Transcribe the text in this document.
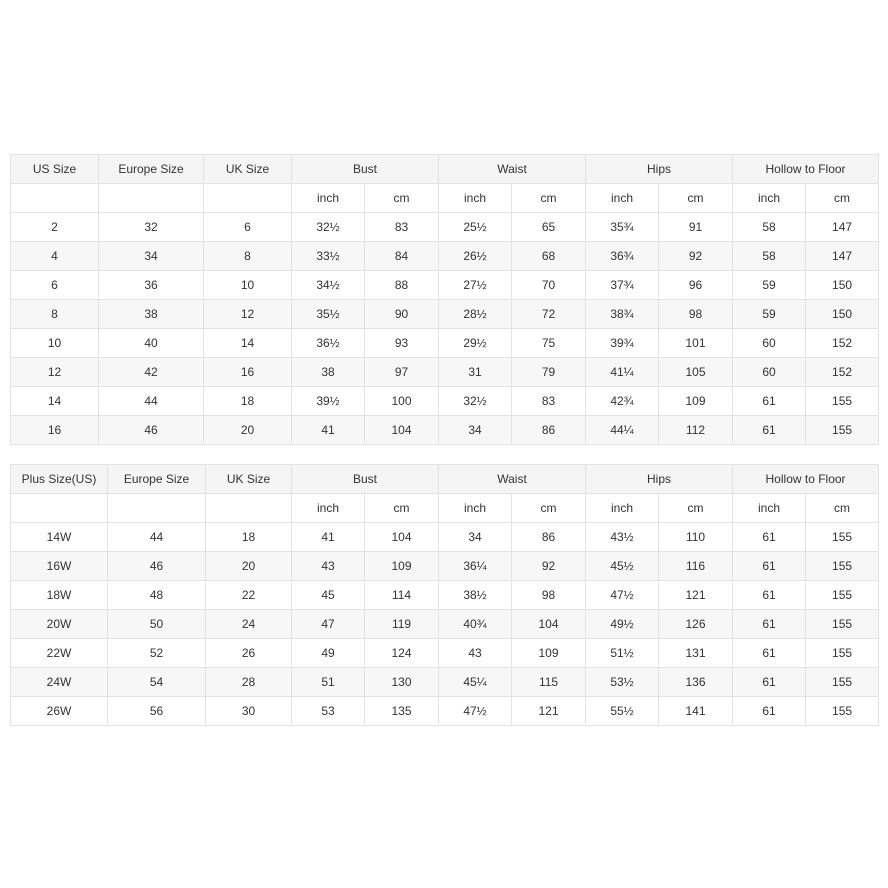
US Size	Europe Size	UK Size	Bust		Waist		Hips		Hollow to Floor	
			inch	cm	inch	cm	inch	cm	inch	cm
2	32	6	32½	83	25½	65	35¾	91	58	147
4	34	8	33½	84	26½	68	36¾	92	58	147
6	36	10	34½	88	27½	70	37¾	96	59	150
8	38	12	35½	90	28½	72	38¾	98	59	150
10	40	14	36½	93	29½	75	39¾	101	60	152
12	42	16	38	97	31	79	41¼	105	60	152
14	44	18	39½	100	32½	83	42¾	109	61	155
16	46	20	41	104	34	86	44¼	112	61	155
Plus Size(US)	Europe Size	UK Size	Bust		Waist		Hips		Hollow to Floor	
			inch	cm	inch	cm	inch	cm	inch	cm
14W	44	18	41	104	34	86	43½	110	61	155
16W	46	20	43	109	36¼	92	45½	116	61	155
18W	48	22	45	114	38½	98	47½	121	61	155
20W	50	24	47	119	40¾	104	49½	126	61	155
22W	52	26	49	124	43	109	51½	131	61	155
24W	54	28	51	130	45¼	115	53½	136	61	155
26W	56	30	53	135	47½	121	55½	141	61	155
